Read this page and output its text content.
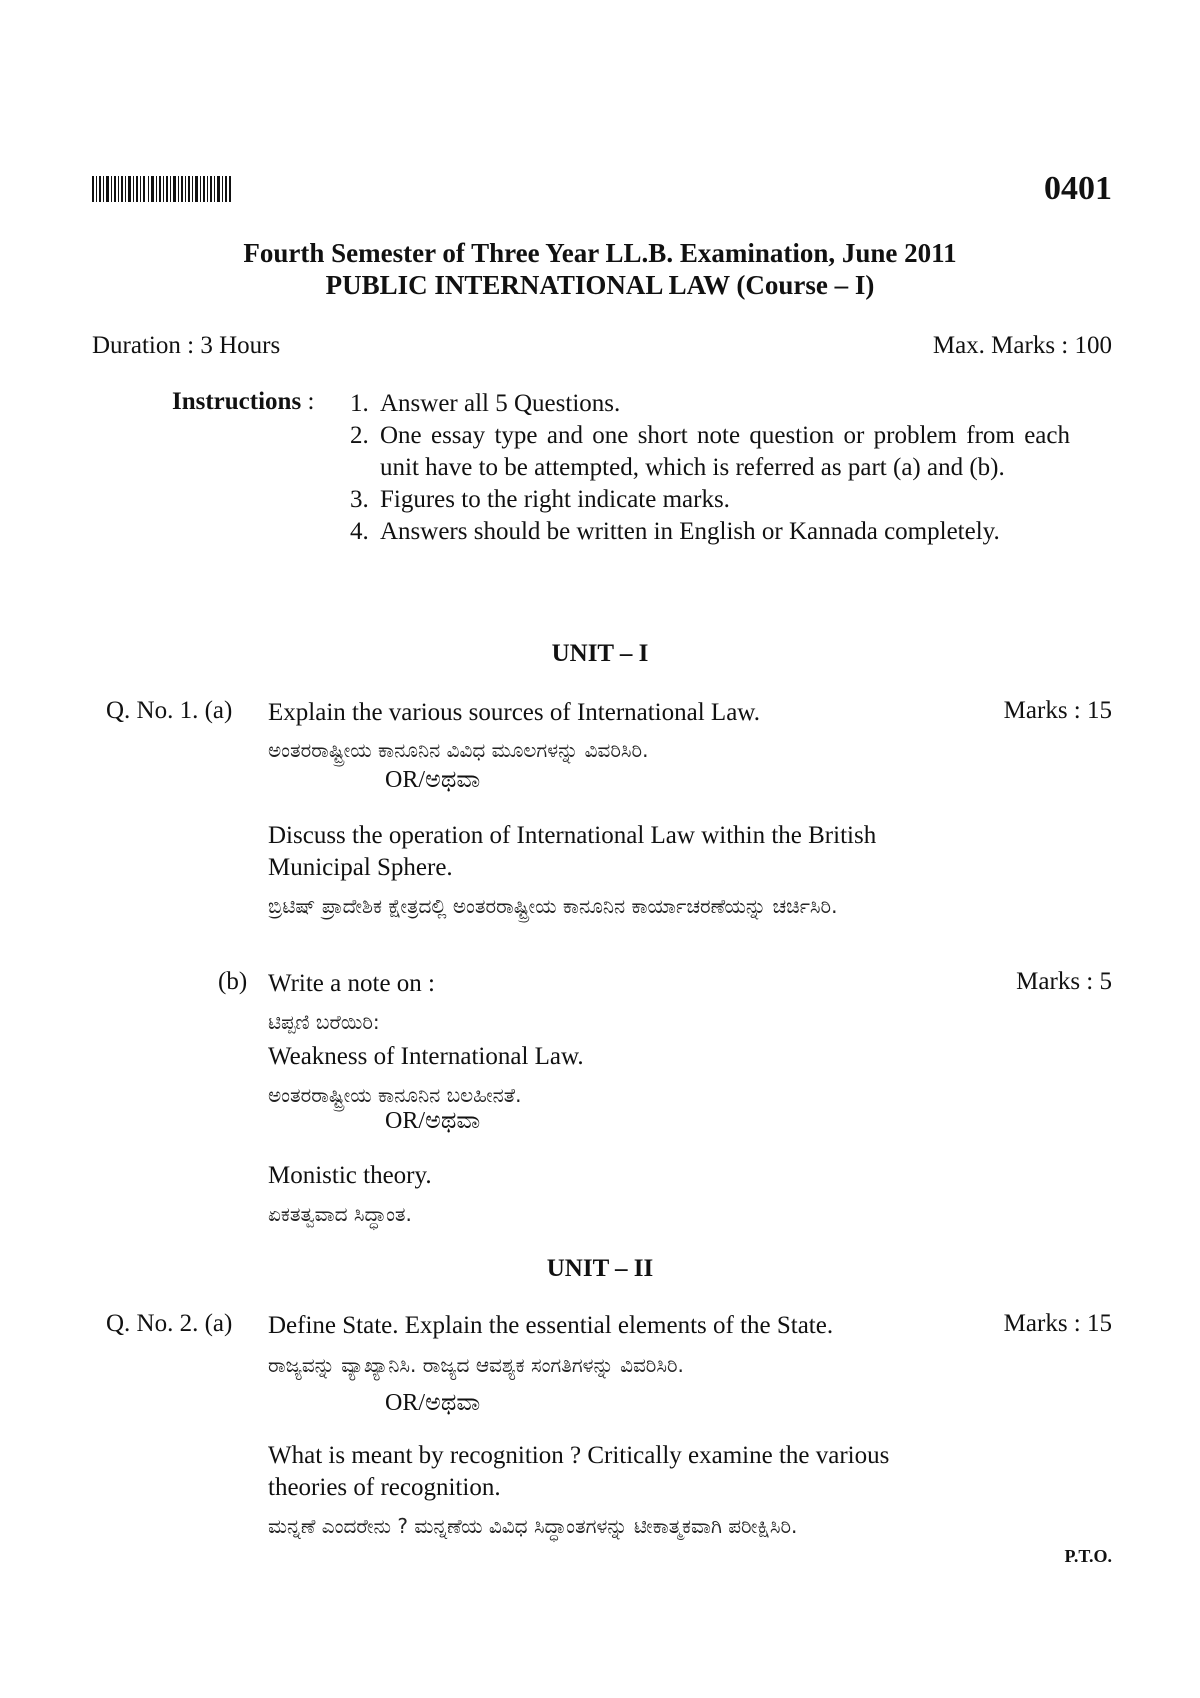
0401
Fourth Semester of Three Year LL.B. Examination, June 2011
PUBLIC INTERNATIONAL LAW (Course – I)
Duration : 3 Hours	Max. Marks : 100
Instructions :	1. Answer all 5 Questions.
2. One essay type and one short note question or problem from each unit have to be attempted, which is referred as part (a) and (b).
3. Figures to the right indicate marks.
4. Answers should be written in English or Kannada completely.
UNIT – I
Q. No. 1. (a) Explain the various sources of International Law.	Marks : 15
ಅಂತರರಾಷ್ಟ್ರೀಯ ಕಾನೂನಿನ ವಿವಿಧ ಮೂಲಗಳನ್ನು ವಿವರಿಸಿರಿ.
OR/ಅಥವಾ
Discuss the operation of International Law within the British Municipal Sphere.
ಬ್ರಿಟಿಷ್ ಪ್ರಾದೇಶಿಕ ಕ್ಷೇತ್ರದಲ್ಲಿ ಅಂತರರಾಷ್ಟ್ರೀಯ ಕಾನೂನಿನ ಕಾರ್ಯಾಚರಣೆಯನ್ನು ಚರ್ಚಿಸಿರಿ.
(b) Write a note on :	Marks : 5
ಟಿಪ್ಪಣಿ ಬರೆಯಿರಿ:
Weakness of International Law.
ಅಂತರರಾಷ್ಟ್ರೀಯ ಕಾನೂನಿನ ಬಲಹೀನತೆ.
OR/ಅಥವಾ
Monistic theory.
ಏಕತತ್ವವಾದ ಸಿದ್ಧಾಂತ.
UNIT – II
Q. No. 2. (a) Define State. Explain the essential elements of the State.	Marks : 15
ರಾಜ್ಯವನ್ನು ವ್ಯಾಖ್ಯಾನಿಸಿ. ರಾಜ್ಯದ ಆವಶ್ಯಕ ಸಂಗತಿಗಳನ್ನು ವಿವರಿಸಿರಿ.
OR/ಅಥವಾ
What is meant by recognition ? Critically examine the various theories of recognition.
ಮನ್ನಣೆ ಎಂದರೇನು ? ಮನ್ನಣೆಯ ವಿವಿಧ ಸಿದ್ಧಾಂತಗಳನ್ನು ಟೀಕಾತ್ಮಕವಾಗಿ ಪರೀಕ್ಷಿಸಿರಿ.
P.T.O.
